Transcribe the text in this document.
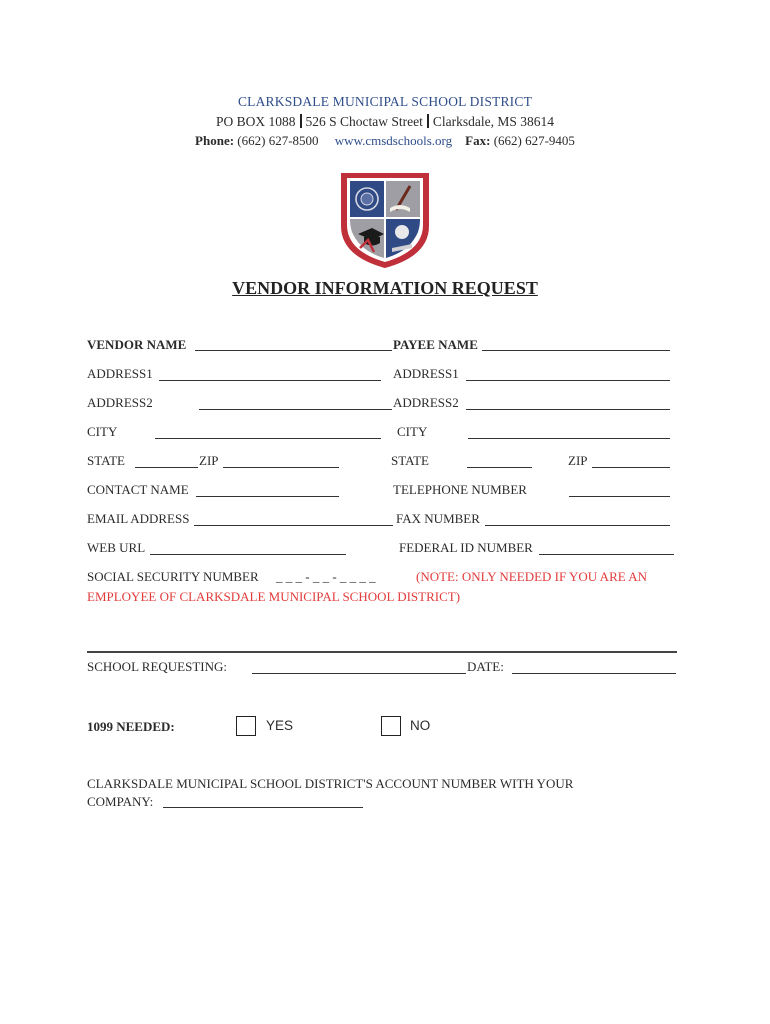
CLARKSDALE MUNICIPAL SCHOOL DISTRICT
PO BOX 1088 526 S Choctaw Street Clarksdale, MS 38614
Phone: (662) 627-8500 www.cmsdschools.org Fax: (662) 627-9405
VENDOR INFORMATION REQUEST
VENDOR NAME	PAYEE NAME
ADDRESS1	ADDRESS1
ADDRESS2	ADDRESS2
CITY	CITY
STATE	ZIP	STATE	ZIP
CONTACT NAME	TELEPHONE NUMBER
EMAIL ADDRESS	FAX NUMBER
WEB URL	FEDERAL ID NUMBER
SOCIAL SECURITY NUMBER _ _ _ - _ _ - _ _ _ _	(NOTE: ONLY NEEDED IF YOU ARE AN
EMPLOYEE OF CLARKSDALE MUNICIPAL SCHOOL DISTRICT)
SCHOOL REQUESTING:	DATE:
1099 NEEDED:	YES	NO
CLARKSDALE MUNICIPAL SCHOOL DISTRICT'S ACCOUNT NUMBER WITH YOUR
COMPANY:
